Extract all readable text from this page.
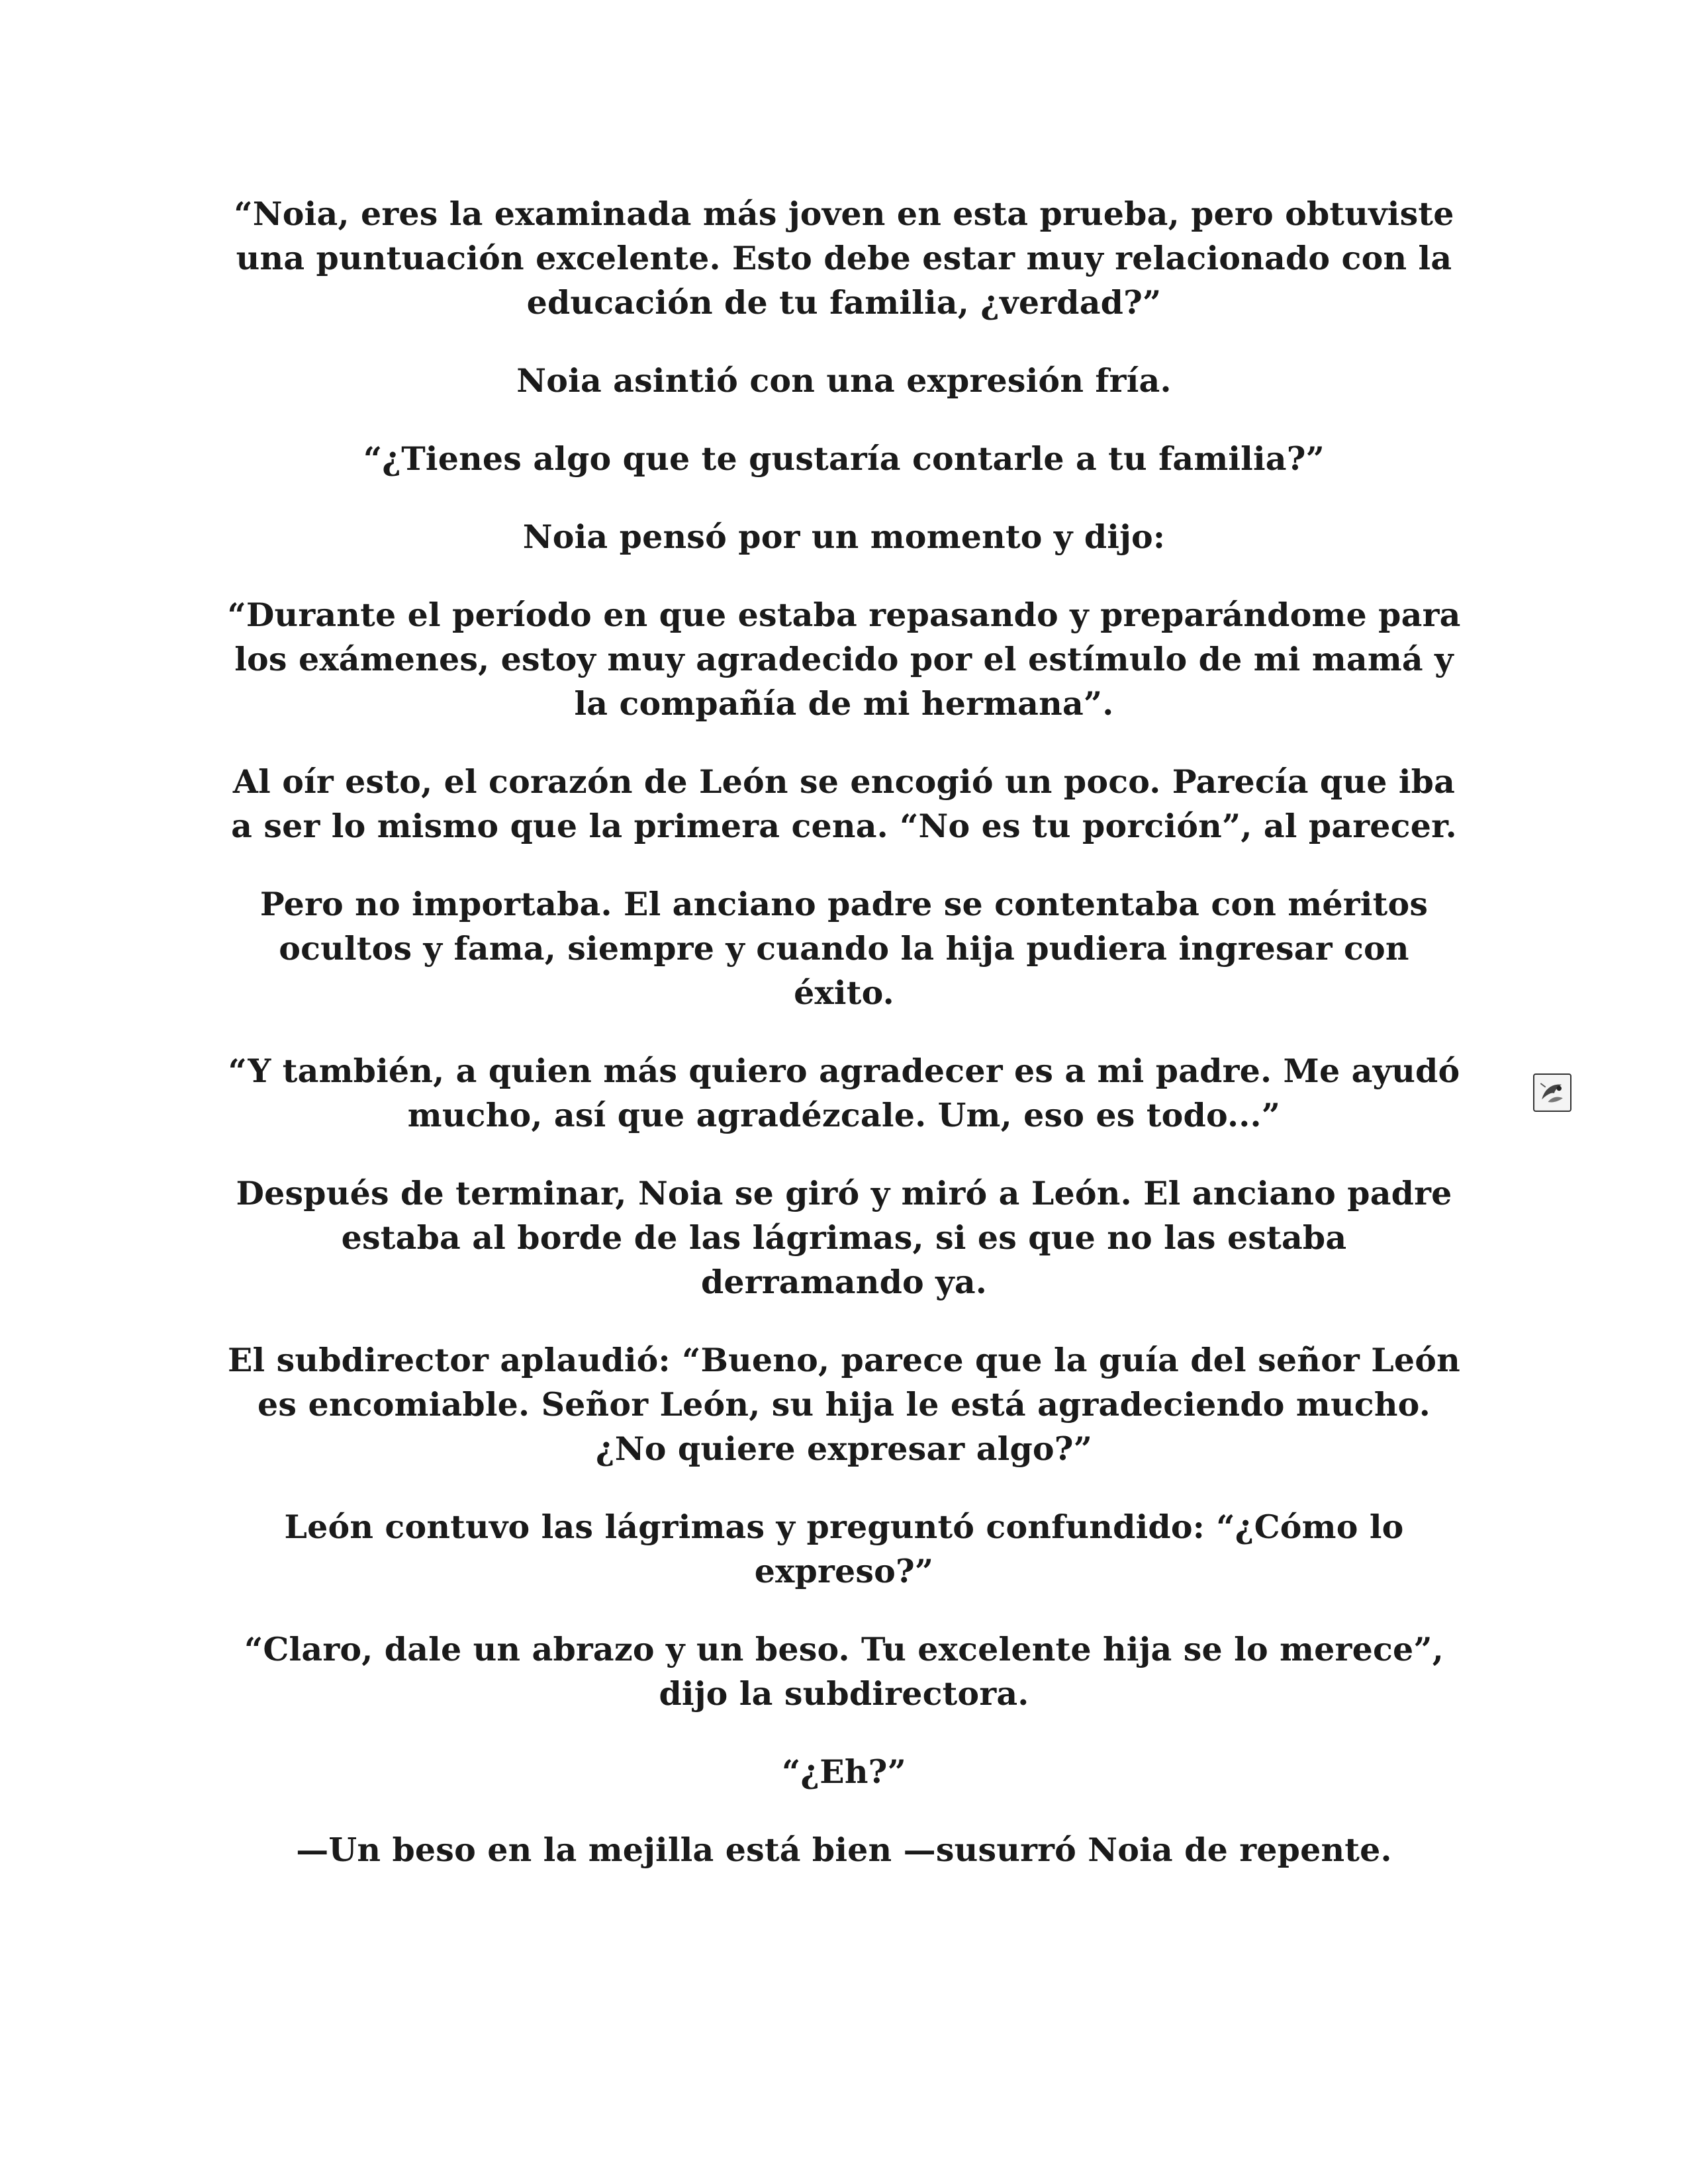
“Noia, eres la examinada más joven en esta prueba, pero obtuviste una puntuación excelente. Esto debe estar muy relacionado con la educación de tu familia, ¿verdad?”

Noia asintió con una expresión fría.

“¿Tienes algo que te gustaría contarle a tu familia?”

Noia pensó por un momento y dijo:

“Durante el período en que estaba repasando y preparándome para los exámenes, estoy muy agradecido por el estímulo de mi mamá y la compañía de mi hermana”.

Al oír esto, el corazón de León se encogió un poco. Parecía que iba a ser lo mismo que la primera cena. “No es tu porción”, al parecer.

Pero no importaba. El anciano padre se contentaba con méritos ocultos y fama, siempre y cuando la hija pudiera ingresar con éxito.

“Y también, a quien más quiero agradecer es a mi padre. Me ayudó mucho, así que agradézcale. Um, eso es todo...”

Después de terminar, Noia se giró y miró a León. El anciano padre estaba al borde de las lágrimas, si es que no las estaba derramando ya.

El subdirector aplaudió: “Bueno, parece que la guía del señor León es encomiable. Señor León, su hija le está agradeciendo mucho. ¿No quiere expresar algo?”

León contuvo las lágrimas y preguntó confundido: “¿Cómo lo expreso?”

“Claro, dale un abrazo y un beso. Tu excelente hija se lo merece”, dijo la subdirectora.

“¿Eh?”

—Un beso en la mejilla está bien —susurró Noia de repente.
